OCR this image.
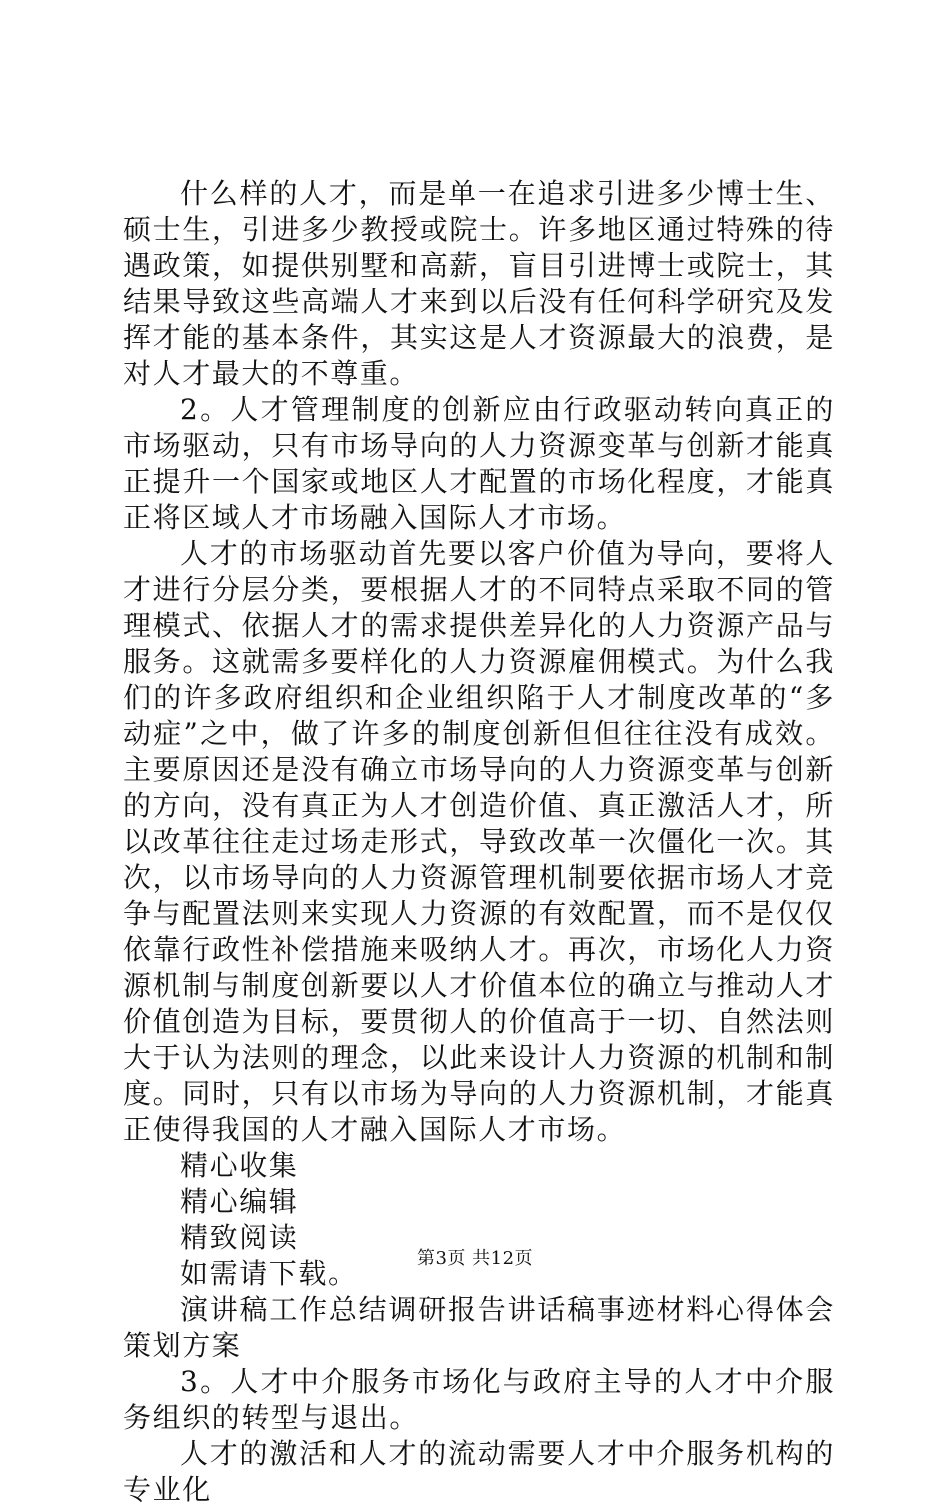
什么样的人才，而是单一在追求引进多少博士生、硕士生，引进多少教授或院士。许多地区通过特殊的待遇政策，如提供别墅和高薪，盲目引进博士或院士，其结果导致这些高端人才来到以后没有任何科学研究及发挥才能的基本条件，其实这是人才资源最大的浪费，是对人才最大的不尊重。

2。人才管理制度的创新应由行政驱动转向真正的市场驱动，只有市场导向的人力资源变革与创新才能真正提升一个国家或地区人才配置的市场化程度，才能真正将区域人才市场融入国际人才市场。

人才的市场驱动首先要以客户价值为导向，要将人才进行分层分类，要根据人才的不同特点采取不同的管理模式、依据人才的需求提供差异化的人力资源产品与服务。这就需多要样化的人力资源雇佣模式。为什么我们的许多政府组织和企业组织陷于人才制度改革的“多动症”之中，做了许多的制度创新但但往往没有成效。主要原因还是没有确立市场导向的人力资源变革与创新的方向，没有真正为人才创造价值、真正激活人才，所以改革往往走过场走形式，导致改革一次僵化一次。其次，以市场导向的人力资源管理机制要依据市场人才竞争与配置法则来实现人力资源的有效配置，而不是仅仅依靠行政性补偿措施来吸纳人才。再次，市场化人力资源机制与制度创新要以人才价值本位的确立与推动人才价值创造为目标，要贯彻人的价值高于一切、自然法则大于认为法则的理念，以此来设计人力资源的机制和制度。同时，只有以市场为导向的人力资源机制，才能真正使得我国的人才融入国际人才市场。

精心收集

精心编辑

精致阅读

如需请下载。

演讲稿工作总结调研报告讲话稿事迹材料心得体会策划方案

3。人才中介服务市场化与政府主导的人才中介服务组织的转型与退出。

人才的激活和人才的流动需要人才中介服务机构的专业化

第3页 共12页
